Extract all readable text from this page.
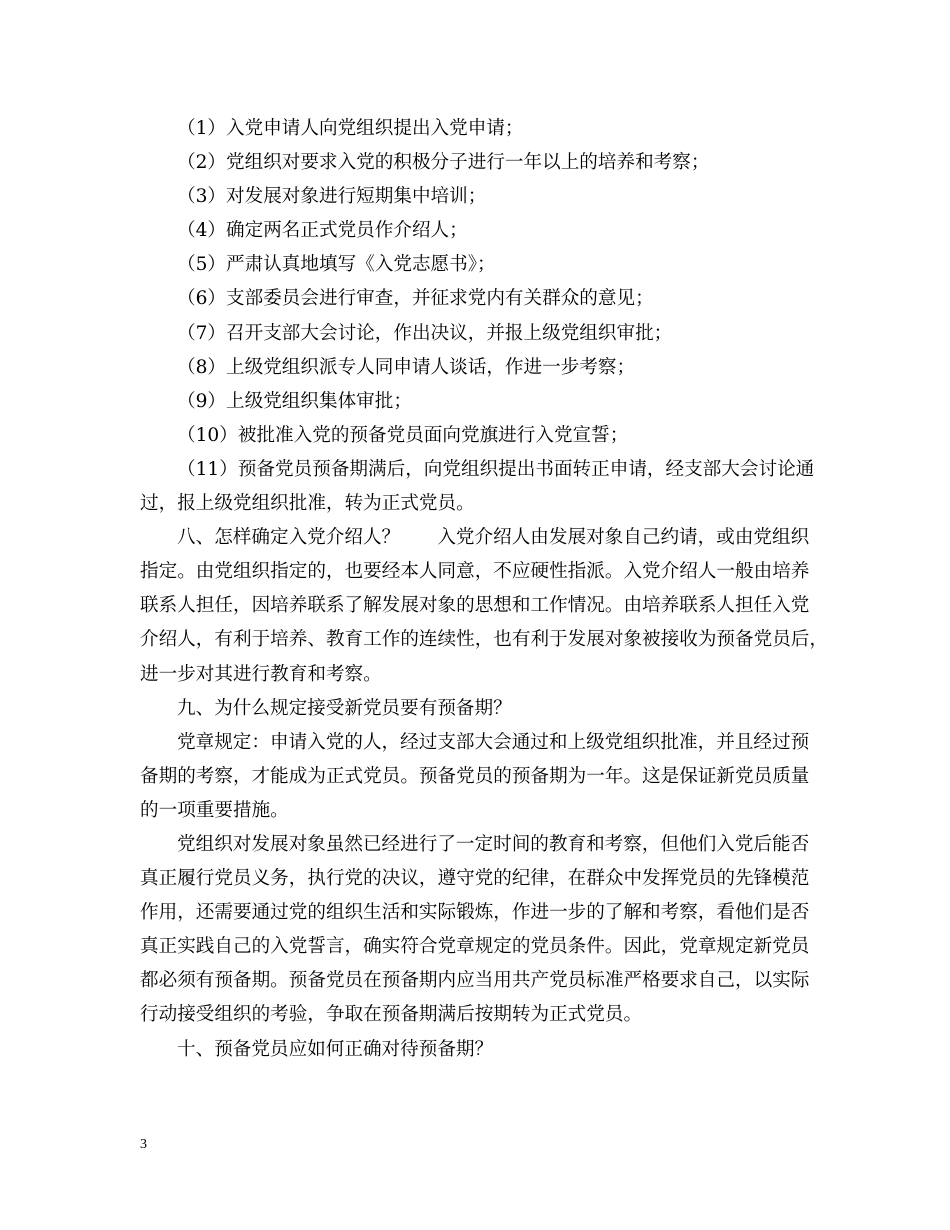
（1）入党申请人向党组织提出入党申请；
（2）党组织对要求入党的积极分子进行一年以上的培养和考察；
（3）对发展对象进行短期集中培训；
（4）确定两名正式党员作介绍人；
（5）严肃认真地填写《入党志愿书》；
（6）支部委员会进行审查，并征求党内有关群众的意见；
（7）召开支部大会讨论，作出决议，并报上级党组织审批；
（8）上级党组织派专人同申请人谈话，作进一步考察；
（9）上级党组织集体审批；
（10）被批准入党的预备党员面向党旗进行入党宣誓；
（11）预备党员预备期满后，向党组织提出书面转正申请，经支部大会讨论通
过，报上级党组织批准，转为正式党员。
八、怎样确定入党介绍人？　　入党介绍人由发展对象自己约请，或由党组织
指定。由党组织指定的，也要经本人同意，不应硬性指派。入党介绍人一般由培养
联系人担任，因培养联系了解发展对象的思想和工作情况。由培养联系人担任入党
介绍人，有利于培养、教育工作的连续性，也有利于发展对象被接收为预备党员后，
进一步对其进行教育和考察。
九、为什么规定接受新党员要有预备期？
党章规定：申请入党的人，经过支部大会通过和上级党组织批准，并且经过预
备期的考察，才能成为正式党员。预备党员的预备期为一年。这是保证新党员质量
的一项重要措施。
党组织对发展对象虽然已经进行了一定时间的教育和考察，但他们入党后能否
真正履行党员义务，执行党的决议，遵守党的纪律，在群众中发挥党员的先锋模范
作用，还需要通过党的组织生活和实际锻炼，作进一步的了解和考察，看他们是否
真正实践自己的入党誓言，确实符合党章规定的党员条件。因此，党章规定新党员
都必须有预备期。预备党员在预备期内应当用共产党员标准严格要求自己，以实际
行动接受组织的考验，争取在预备期满后按期转为正式党员。
十、预备党员应如何正确对待预备期？
3
